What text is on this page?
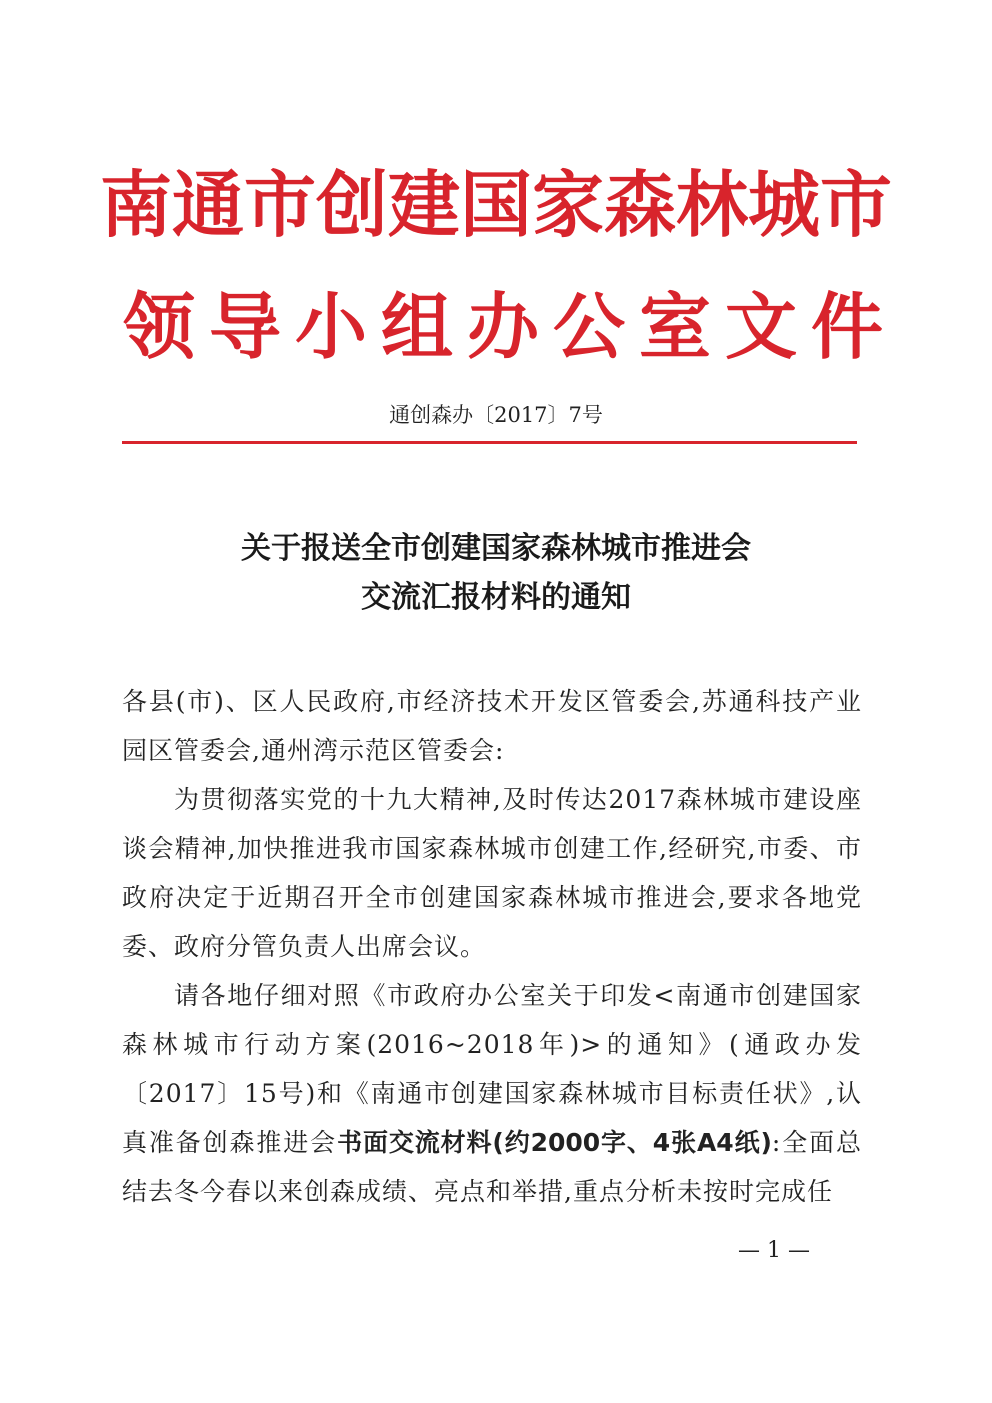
南通市创建国家森林城市
领导小组办公室文件
通创森办〔2017〕7号
关于报送全市创建国家森林城市推进会
交流汇报材料的通知
各县(市)、区人民政府,市经济技术开发区管委会,苏通科技产业园区管委会,通州湾示范区管委会:
为贯彻落实党的十九大精神,及时传达2017森林城市建设座谈会精神,加快推进我市国家森林城市创建工作,经研究,市委、市政府决定于近期召开全市创建国家森林城市推进会,要求各地党委、政府分管负责人出席会议。
请各地仔细对照《市政府办公室关于印发<南通市创建国家森林城市行动方案(2016~2018年)>的通知》(通政办发〔2017〕15号)和《南通市创建国家森林城市目标责任状》,认真准备创森推进会书面交流材料(约2000字、4张A4纸):全面总结去冬今春以来创森成绩、亮点和举措,重点分析未按时完成任
— 1 —
